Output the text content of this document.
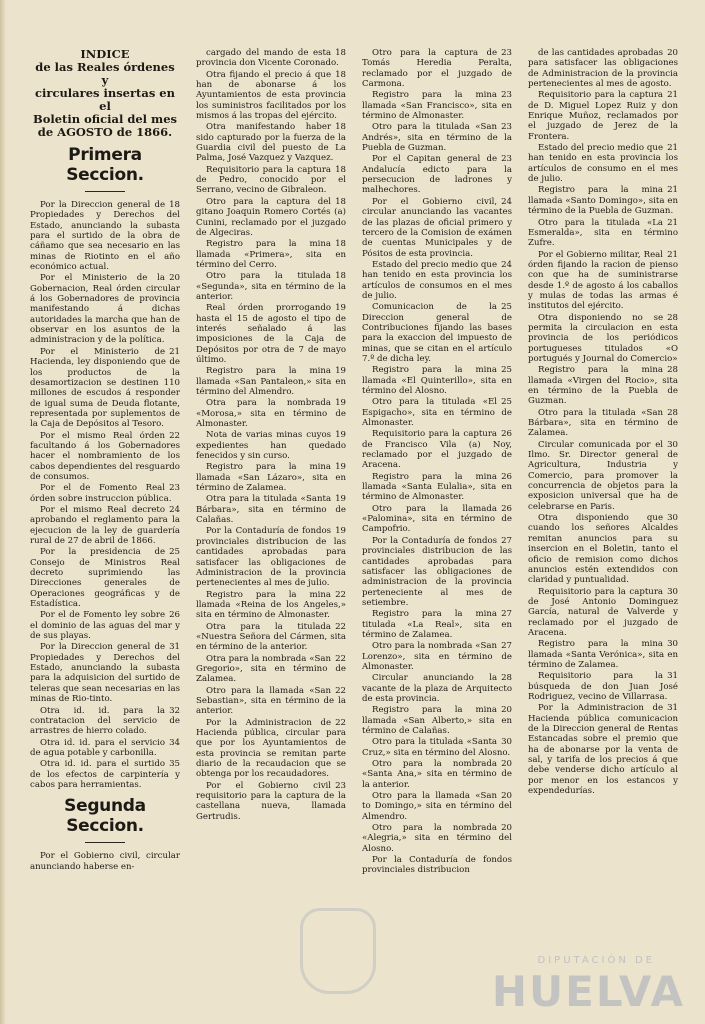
INDICE
de las Reales órdenes y
circulares insertas en el
Boletin oficial del mes
de AGOSTO de 1866.
Primera Seccion.
18
Por la Direccion general de Propiedades y Derechos del Estado, anunciando la subasta para el surtido de la obra de cáñamo que sea necesario en las minas de Riotinto en el año económico actual.
20
Por el Ministerio de la Gobernacion, Real órden circular á los Gobernadores de provincia manifestando á dichas autoridades la marcha que han de observar en los asuntos de la administracion y de la política.
21
Por el Ministerio de Hacienda, ley disponiendo que de los productos de la desamortizacion se destinen 110 millones de escudos á responder de igual suma de Deuda flotante, representada por suplementos de la Caja de Depósitos al Tesoro.
22
Por el mismo Real órden facultando á los Gobernadores hacer el nombramiento de los cabos dependientes del resguardo de consumos.
23
Por el de Fomento Real órden sobre instruccion pública.
24
Por el mismo Real decreto aprobando el reglamento para la ejecucion de la ley de guardería rural de 27 de abril de 1866.
25
Por la presidencia de Consejo de Ministros Real decreto suprimiendo las Direcciones generales de Operaciones geográficas y de Estadística.
26
Por el de Fomento ley sobre el dominio de las aguas del mar y de sus playas.
31
Por la Direccion general de Propiedades y Derechos del Estado, anunciando la subasta para la adquisicion del surtido de teleras que sean necesarias en las minas de Rio-tinto.
32
Otra id. id. para la contratacion del servicio de arrastres de hierro colado.
34
Otra id. id. para el servicio de agua potable y carbonilla.
35
Otra id. id. para el surtido de los efectos de carpintería y cabos para herramientas.
Segunda Seccion.
Por el Gobierno civil, circular anunciando haberse en-
18
cargado del mando de esta provincia don Vicente Coronado.
18
Otra fijando el precio á que han de abonarse á los Ayuntamientos de esta provincia los suministros facilitados por los mismos á las tropas del ejército.
18
Otra manifestando haber sido capturado por la fuerza de la Guardia civil del puesto de La Palma, José Vazquez y Vazquez.
18
Requisitorio para la captura de Pedro, conocido por el Serrano, vecino de Gibraleon.
18
Otro para la captura del gitano Joaquin Romero Cortés (a) Cunini, reclamado por el juzgado de Algeciras.
18
Registro para la mina llamada «Primera», sita en término del Cerro.
18
Otro para la titulada «Segunda», sita en término de la anterior.
19
Real órden prorrogando hasta el 15 de agosto el tipo de interés señalado á las imposiciones de la Caja de Depósitos por otra de 7 de mayo último.
19
Registro para la mina llamada «San Pantaleon,» sita en término del Almendro.
19
Otra para la nombrada «Morosa,» sita en término de Almonaster.
19
Nota de varias minas cuyos expedientes han quedado fenecidos y sin curso.
19
Registro para la mina llamada «San Lázaro», sita en término de Zalamea.
19
Otra para la titulada «Santa Bárbara», sita en término de Calañas.
19
Por la Contaduría de fondos provinciales distribucion de las cantidades aprobadas para satisfacer las obligaciones de Administracion de la provincia pertenecientes al mes de julio.
22
Registro para la mina llamada «Reina de los Angeles,» sita en término de Almonaster.
22
Otra para la titulada «Nuestra Señora del Cármen, sita en término de la anterior.
22
Otra para la nombrada «San Gregorio», sita en término de Zalamea.
22
Otro para la llamada «San Sebastian», sita en término de la anterior.
22
Por la Administracion de Hacienda pública, circular para que por los Ayuntamientos de esta provincia se remitan parte diario de la recaudacion que se obtenga por los recaudadores.
23
Por el Gobierno civil requisitorio para la captura de la castellana nueva, llamada Gertrudis.
23
Otro para la captura de Tomás Heredia Peralta, reclamado por el juzgado de Carmona.
23
Registro para la mina llamada «San Francisco», sita en término de Almonaster.
23
Otro para la titulada «San Andrés», sita en término de la Puebla de Guzman.
23
Por el Capitan general de Andalucía edicto para la persecucion de ladrones y malhechores.
24
Por el Gobierno civil, circular anunciando las vacantes de las plazas de oficial primero y tercero de la Comision de exámen de cuentas Municipales y de Pósitos de esta provincia.
24
Estado del precio medio que han tenido en esta provincia los artículos de consumos en el mes de julio.
25
Comunicacion de la Direccion general de Contribuciones fijando las bases para la exaccion del impuesto de minas, que se citan en el artículo 7.º de dicha ley.
25
Registro para la mina llamada «El Quinterillo», sita en término del Alosno.
25
Otro para la titulada «El Espigacho», sita en término de Almonaster.
26
Requisitorio para la captura de Francisco Vila (a) Noy, reclamado por el juzgado de Aracena.
26
Registro para la mina llamada «Santa Eulalia», sita en término de Almonaster.
26
Otro para la llamada «Palomina», sita en término de Campofrio.
27
Por la Contaduría de fondos provinciales distribucion de las cantidades aprobadas para satisfacer las obligaciones de administracion de la provincia perteneciente al mes de setiembre.
27
Registro para la mina titulada «La Real», sita en término de Zalamea.
27
Otro para la nombrada «San Lorenzo», sita en término de Almonaster.
28
Circular anunciando la vacante de la plaza de Arquitecto de esta provincia.
20
Registro para la mina llamada «San Alberto,» sita en término de Calañas.
30
Otro para la titulada «Santa Cruz,» sita en término del Alosno.
20
Otro para la nombrada «Santa Ana,» sita en término de la anterior.
20
Otro para la llamada «San to Domingo,» sita en término del Almendro.
20
Otro para la nombrada «Alegria,» sita en término del Alosno.
Por la Contaduría de fondos provinciales distribucion
20
de las cantidades aprobadas para satisfacer las obligaciones de Administracion de la provincia pertenecientes al mes de agosto.
21
Requisitorio para la captura de D. Miguel Lopez Ruiz y don Enrique Muñoz, reclamados por el juzgado de Jerez de la Frontera.
21
Estado del precio medio que han tenido en esta provincia los artículos de consumo en el mes de julio.
21
Registro para la mina llamada «Santo Domingo», sita en término de la Puebla de Guzman.
21
Otro para la titulada «La Esmeralda», sita en término Zufre.
21
Por el Gobierno militar, Real órden fijando la racion de pienso con que ha de suministrarse desde 1.º de agosto á los caballos y mulas de todas las armas é institutos del ejército.
28
Otra disponiendo no se permita la circulacion en esta provincia de los periódicos portugueses titulados «O portugués y Journal do Comercio»
28
Registro para la mina llamada «Virgen del Rocio», sita en término de la Puebla de Guzman.
28
Otro para la titulada «San Bárbara», sita en término de Zalamea.
30
Circular comunicada por el Ilmo. Sr. Director general de Agricultura, Industria y Comercio, para promover la concurrencia de objetos para la exposicion universal que ha de celebrarse en Paris.
30
Otra disponiendo que cuando los señores Alcaldes remitan anuncios para su insercion en el Boletin, tanto el oficio de remision como dichos anuncios estén extendidos con claridad y puntualidad.
30
Requisitorio para la captura de José Antonio Dominguez García, natural de Valverde y reclamado por el juzgado de Aracena.
30
Registro para la mina llamada «Santa Verónica», sita en término de Zalamea.
31
Requisitorio para la búsqueda de don Juan José Rodriguez, vecino de Villarrasa.
31
Por la Administracion de Hacienda pública comunicacion de la Direccion general de Rentas Estancadas sobre el premio que ha de abonarse por la venta de sal, y tarifa de los precios á que debe venderse dicho artículo al por menor en los estancos y expendedurías.
DIPUTACIÓN DE
HUELVA
